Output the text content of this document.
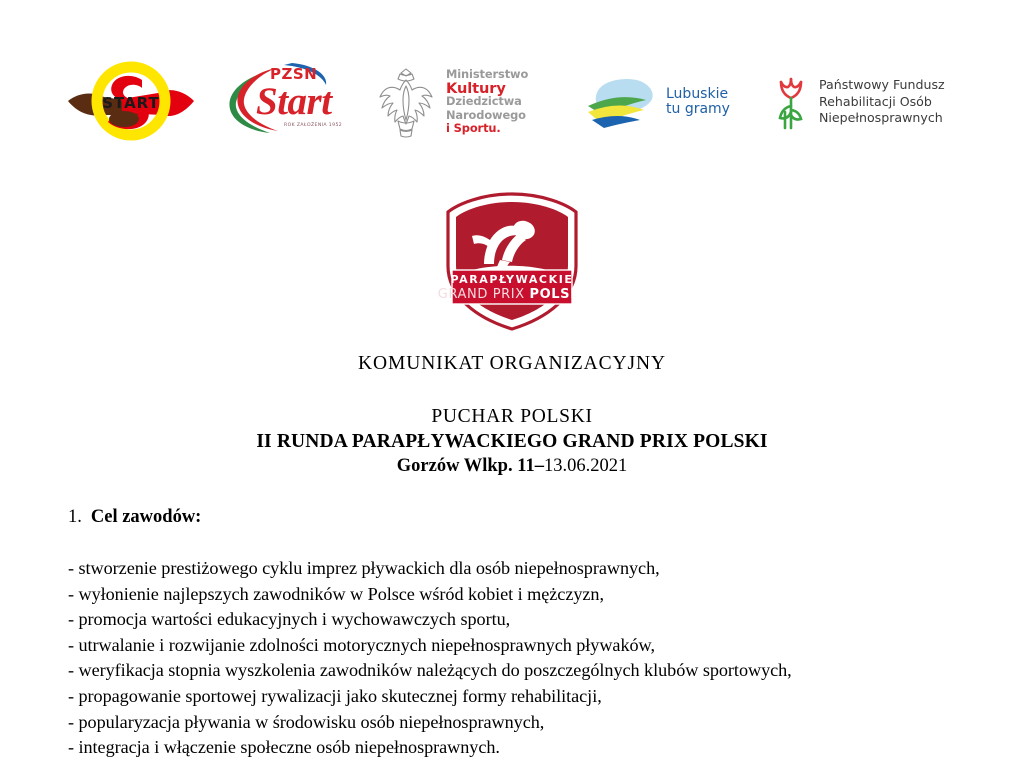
START
PZSN
Start
ROK ZAŁOŻENIA 1952
Ministerstwo
Kultury
Dziedzictwa
Narodowego
i Sportu.
Lubuskie
tu gramy
Państwowy Fundusz
Rehabilitacji Osób
Niepełnosprawnych
PARAPŁYWACKIE
GRAND PRIX POLSKI
KOMUNIKAT ORGANIZACYJNY
PUCHAR POLSKI
II RUNDA PARAPŁYWACKIEGO GRAND PRIX POLSKI
Gorzów Wlkp. 11–13.06.2021
1. Cel zawodów:
- stworzenie prestiżowego cyklu imprez pływackich dla osób niepełnosprawnych,
- wyłonienie najlepszych zawodników w Polsce wśród kobiet i mężczyzn,
- promocja wartości edukacyjnych i wychowawczych sportu,
- utrwalanie i rozwijanie zdolności motorycznych niepełnosprawnych pływaków,
- weryfikacja stopnia wyszkolenia zawodników należących do poszczególnych klubów sportowych,
- propagowanie sportowej rywalizacji jako skutecznej formy rehabilitacji,
- popularyzacja pływania w środowisku osób niepełnosprawnych,
- integracja i włączenie społeczne osób niepełnosprawnych.
